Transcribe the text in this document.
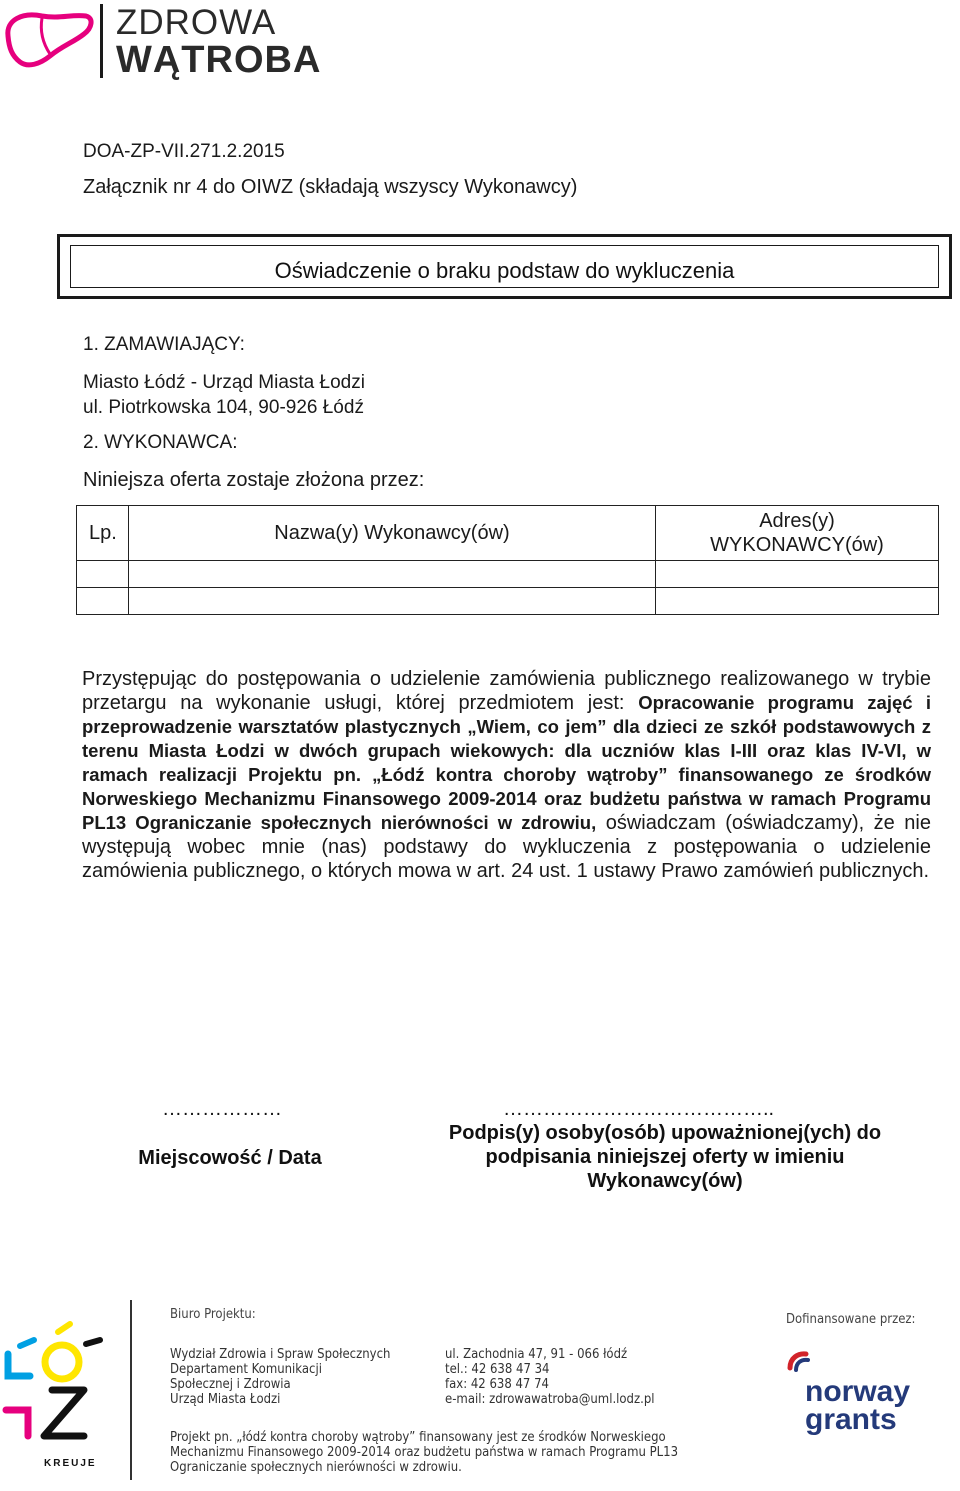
ZDROWA
WĄTROBA
DOA-ZP-VII.271.2.2015
Załącznik nr 4 do OIWZ (składają wszyscy Wykonawcy)
Oświadczenie o braku podstaw do wykluczenia
1. ZAMAWIAJĄCY:
Miasto Łódź - Urząd Miasta Łodzi
ul. Piotrkowska 104, 90-926 Łódź
2. WYKONAWCA:
Niniejsza oferta zostaje złożona przez:
Lp.	Nazwa(y) Wykonawcy(ów)	Adres(y)
WYKONAWCY(ów)

Przystępując do postępowania o udzielenie zamówienia publicznego realizowanego w trybie przetargu na wykonanie usługi, której przedmiotem jest: Opracowanie programu zajęć i przeprowadzenie warsztatów plastycznych „Wiem, co jem” dla dzieci ze szkół podstawowych z terenu Miasta Łodzi w dwóch grupach wiekowych: dla uczniów klas I-III oraz klas IV-VI, w ramach realizacji Projektu pn. „Łódź kontra choroby wątroby” finansowanego ze środków Norweskiego Mechanizmu Finansowego 2009-2014 oraz budżetu państwa w ramach Programu PL13 Ograniczanie społecznych nierówności w zdrowiu, oświadczam (oświadczamy), że nie występują wobec mnie (nas) podstawy do wykluczenia z postępowania o udzielenie zamówienia publicznego, o których mowa w art. 24 ust. 1 ustawy Prawo zamówień publicznych.
………………
Miejscowość / Data
…………………………………..
Podpis(y) osoby(osób) upoważnionej(ych) do
podpisania niniejszej oferty w imieniu
Wykonawcy(ów)
KREUJE
Biuro Projektu:
Wydział Zdrowia i Spraw Społecznych
Departament Komunikacji
Społecznej i Zdrowia
Urząd Miasta Łodzi
ul. Zachodnia 47, 91 - 066 łódź
tel.: 42 638 47 34
fax: 42 638 47 74
e-mail: zdrowawatroba@uml.lodz.pl
Projekt pn. „łódź kontra choroby wątroby” finansowany jest ze środków Norweskiego
Mechanizmu Finansowego 2009-2014 oraz budżetu państwa w ramach Programu PL13
Ograniczanie społecznych nierówności w zdrowiu.
Dofinansowane przez:
norway
grants
